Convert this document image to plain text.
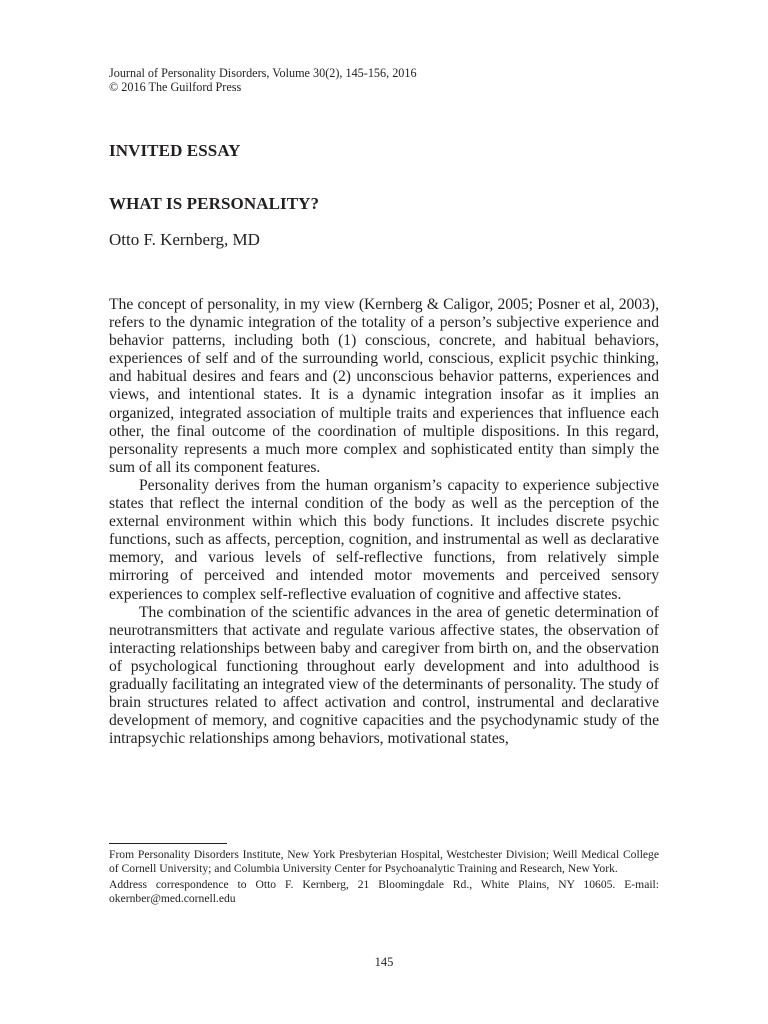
Journal of Personality Disorders, Volume 30(2), 145-156, 2016
© 2016 The Guilford Press
INVITED ESSAY
WHAT IS PERSONALITY?
Otto F. Kernberg, MD

The concept of personality, in my view (Kernberg & Caligor, 2005; Posner et al, 2003), refers to the dynamic integration of the totality of a person’s subjective experience and behavior patterns, including both (1) conscious, concrete, and habitual behaviors, experiences of self and of the surrounding world, conscious, explicit psychic thinking, and habitual desires and fears and (2) unconscious behavior patterns, experiences and views, and intentional states. It is a dynamic integration insofar as it implies an organized, integrated association of multiple traits and experiences that influence each other, the final outcome of the coordination of multiple dispositions. In this regard, personality represents a much more complex and sophisticated entity than simply the sum of all its component features.

Personality derives from the human organism’s capacity to experience subjective states that reflect the internal condition of the body as well as the perception of the external environment within which this body functions. It includes discrete psychic functions, such as affects, perception, cognition, and instrumental as well as declarative memory, and various levels of self-reflective functions, from relatively simple mirroring of perceived and intended motor movements and perceived sensory experiences to complex self-reflective evaluation of cognitive and affective states.

The combination of the scientific advances in the area of genetic determination of neurotransmitters that activate and regulate various affective states, the observation of interacting relationships between baby and caregiver from birth on, and the observation of psychological functioning throughout early development and into adulthood is gradually facilitating an integrated view of the determinants of personality. The study of brain structures related to affect activation and control, instrumental and declarative development of memory, and cognitive capacities and the psychodynamic study of the intrapsychic relationships among behaviors, motivational states,

From Personality Disorders Institute, New York Presbyterian Hospital, Westchester Division; Weill Medical College of Cornell University; and Columbia University Center for Psychoanalytic Training and Research, New York.

Address correspondence to Otto F. Kernberg, 21 Bloomingdale Rd., White Plains, NY 10605. E-mail: okernber@med.cornell.edu

145
